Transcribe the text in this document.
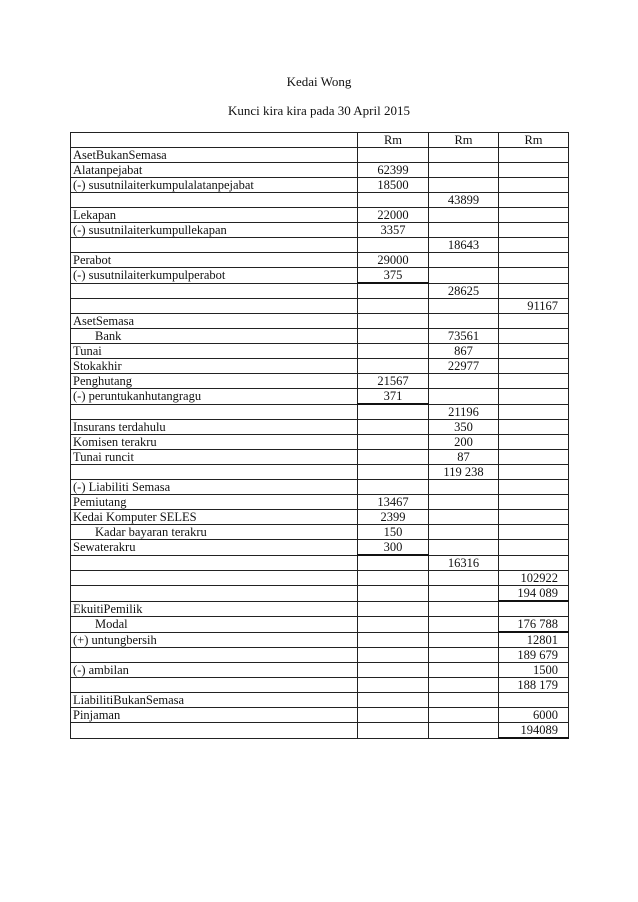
Kedai Wong
Kunci kira kira pada 30 April 2015
	Rm	Rm	Rm
AsetBukanSemasa			
Alatanpejabat	62399		
(-) susutnilaiterkumpulalatanpejabat	18500		
		43899	
Lekapan	22000		
(-) susutnilaiterkumpullekapan	3357		
		18643	
Perabot	29000		
(-) susutnilaiterkumpulperabot	375		
		28625	
			91167
AsetSemasa			
Bank		73561	
Tunai		867	
Stokakhir		22977	
Penghutang	21567		
(-) peruntukanhutangragu	371		
		21196	
Insurans terdahulu		350	
Komisen terakru		200	
Tunai runcit		87	
		119 238	
(-) Liabiliti Semasa			
Pemiutang	13467		
Kedai Komputer SELES	2399		
Kadar bayaran terakru	150		
Sewaterakru	300		
		16316	
			102922
			194 089
EkuitiPemilik			
Modal			176 788
(+) untungbersih			12801
			189 679
(-) ambilan			1500
			188 179
LiabilitiBukanSemasa			
Pinjaman			6000
			194089
